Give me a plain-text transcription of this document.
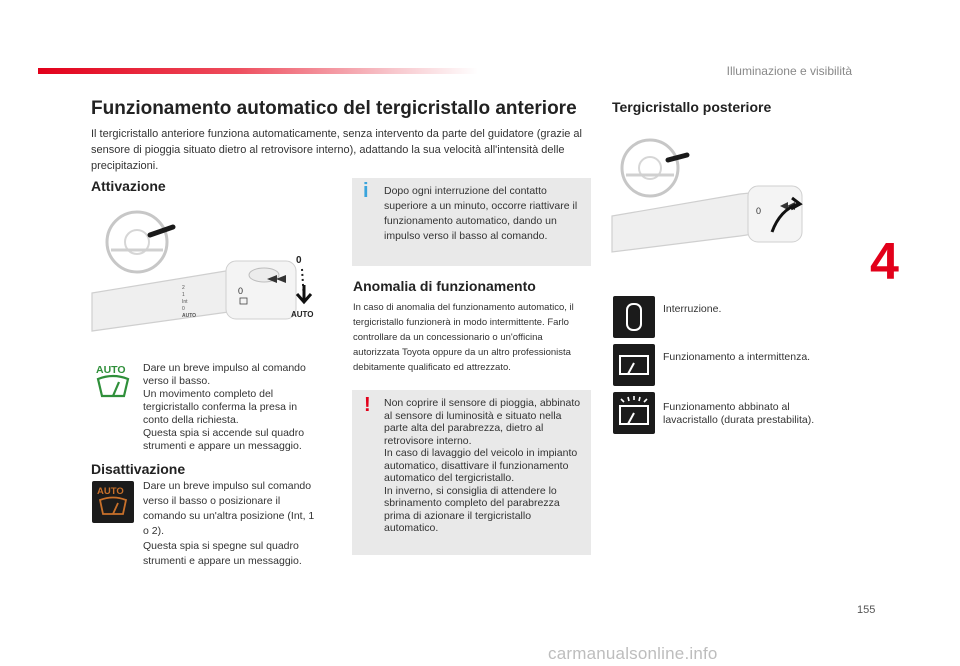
Illuminazione e visibilità
Funzionamento automatico del tergicristallo anteriore
Il tergicristallo anteriore funziona automaticamente, senza intervento da parte del guidatore (grazie al sensore di pioggia situato dietro al retrovisore interno), adattando la sua velocità all'intensità delle precipitazioni.
Attivazione
0
2
1
Int
0
AUTO
0
AUTO
AUTO Dare un breve impulso al comando verso il basso.
Un movimento completo del tergicristallo conferma la presa in conto della richiesta.
Questa spia si accende sul quadro strumenti e appare un messaggio.
Disattivazione
AUTO Dare un breve impulso sul comando verso il basso o posizionare il comando su un'altra posizione (Int, 1 o 2).
Questa spia si spegne sul quadro strumenti e appare un messaggio.
i Dopo ogni interruzione del contatto superiore a un minuto, occorre riattivare il funzionamento automatico, dando un impulso verso il basso al comando.
Anomalia di funzionamento
In caso di anomalia del funzionamento automatico, il tergicristallo funzionerà in modo intermittente. Farlo controllare da un concessionario o un'officina autorizzata Toyota oppure da un altro professionista debitamente qualificato ed attrezzato.
! Non coprire il sensore di pioggia, abbinato al sensore di luminosità e situato nella parte alta del parabrezza, dietro al retrovisore interno.
In caso di lavaggio del veicolo in impianto automatico, disattivare il funzionamento automatico del tergicristallo.
In inverno, si consiglia di attendere lo sbrinamento completo del parabrezza prima di azionare il tergicristallo automatico.
Tergicristallo posteriore
0
Interruzione.
Funzionamento a intermittenza.
Funzionamento abbinato al lavacristallo (durata prestabilita).
4
155
carmanualsonline.info
